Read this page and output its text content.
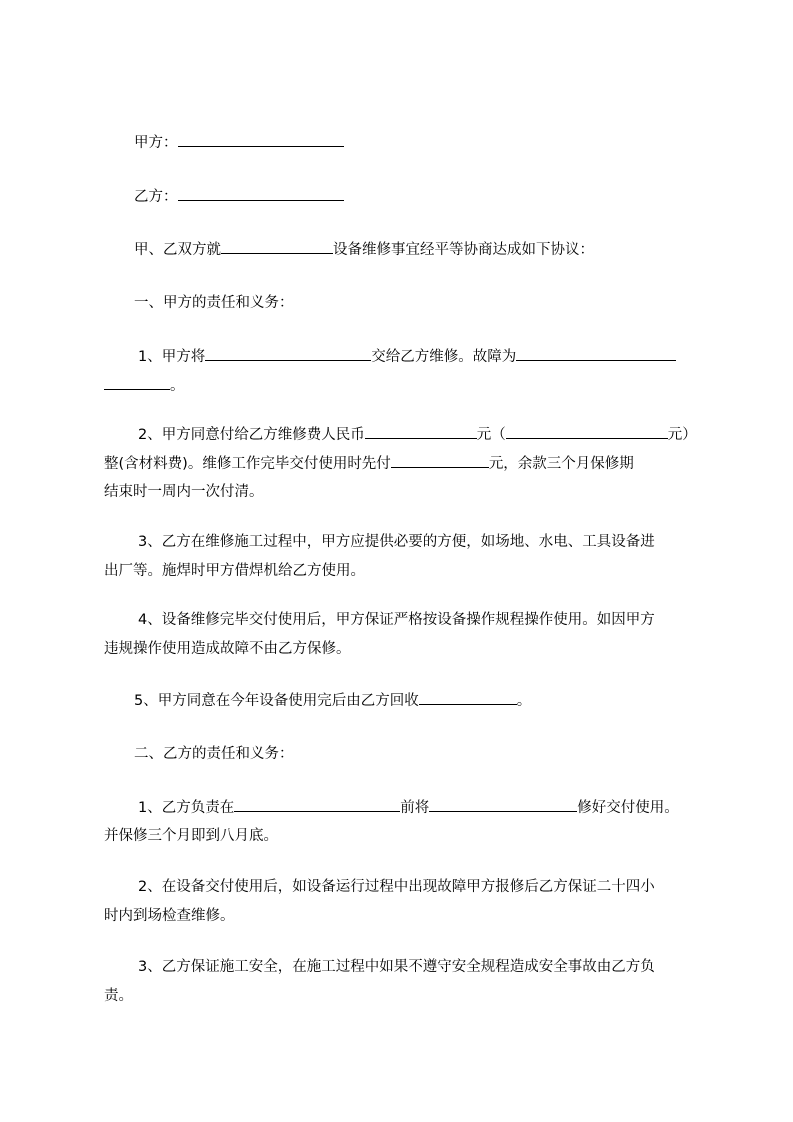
甲方：
乙方：
甲、乙双方就	设备维修事宜经平等协商达成如下协议：
一、甲方的责任和义务：
1、甲方将	交给乙方维修。故障为
。
2、甲方同意付给乙方维修费人民币	元（	元）
整(含材料费)。维修工作完毕交付使用时先付	元，余款三个月保修期
结束时一周内一次付清。
3、乙方在维修施工过程中，甲方应提供必要的方便，如场地、水电、工具设备进
出厂等。施焊时甲方借焊机给乙方使用。
4、设备维修完毕交付使用后，甲方保证严格按设备操作规程操作使用。如因甲方
违规操作使用造成故障不由乙方保修。
5、甲方同意在今年设备使用完后由乙方回收	。
二、乙方的责任和义务：
1、乙方负责在	前将	修好交付使用。
并保修三个月即到八月底。
2、在设备交付使用后，如设备运行过程中出现故障甲方报修后乙方保证二十四小
时内到场检查维修。
3、乙方保证施工安全，在施工过程中如果不遵守安全规程造成安全事故由乙方负
责。
